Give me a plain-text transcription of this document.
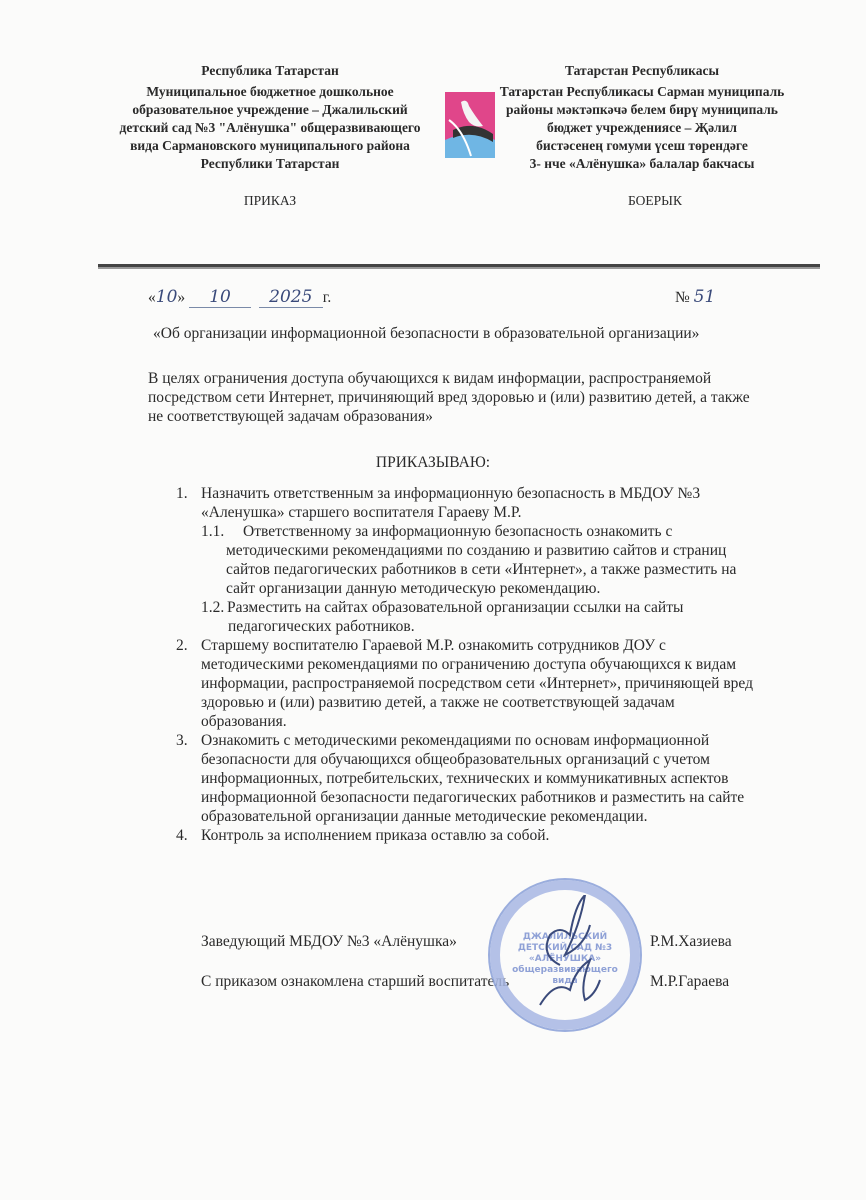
Республика Татарстан
Муниципальное бюджетное дошкольное
образовательное учреждение – Джалильский
детский сад №3 "Алёнушка" общеразвивающего
вида Сармановского муниципального района
Республики Татарстан
Татарстан Республикасы
Татарстан Республикасы Сарман муниципаль
районы мәктәпкәчә белем бирү муниципаль
бюджет учреждениясе – Җәлил
бистәсенең гомуми үсеш төрендәге
3- нче «Алёнушка» балалар бакчасы
ПРИКАЗ	БОЕРЫК
«10» 10 2025 г.	№ 51
«Об организации информационной безопасности в образовательной организации»
В целях ограничения доступа обучающихся к видам информации, распространяемой
посредством сети Интернет, причиняющий вред здоровью и (или) развитию детей, а также
не соответствующей задачам образования»
ПРИКАЗЫВАЮ:
1. Назначить ответственным за информационную безопасность в МБДОУ №3
«Аленушка» старшего воспитателя Гараеву М.Р.
1.1. Ответственному за информационную безопасность ознакомить с
методическими рекомендациями по созданию и развитию сайтов и страниц
сайтов педагогических работников в сети «Интернет», а также разместить на
сайт организации данную методическую рекомендацию.
1.2. Разместить на сайтах образовательной организации ссылки на сайты
педагогических работников.
2. Старшему воспитателю Гараевой М.Р. ознакомить сотрудников ДОУ с
методическими рекомендациями по ограничению доступа обучающихся к видам
информации, распространяемой посредством сети «Интернет», причиняющей вред
здоровью и (или) развитию детей, а также не соответствующей задачам
образования.
3. Ознакомить с методическими рекомендациями по основам информационной
безопасности для обучающихся общеобразовательных организаций с учетом
информационных, потребительских, технических и коммуникативных аспектов
информационной безопасности педагогических работников и разместить на сайте
образовательной организации данные методические рекомендации.
4. Контроль за исполнением приказа оставлю за собой.
Заведующий МБДОУ №3 «Алёнушка»	Р.М.Хазиева
С приказом ознакомлена старший воспитатель	М.Р.Гараева
ДЖАЛИЛЬСКИЙ
ДЕТСКИЙ САД №3
«АЛЁНУШКА»
общеразвивающего
вида
